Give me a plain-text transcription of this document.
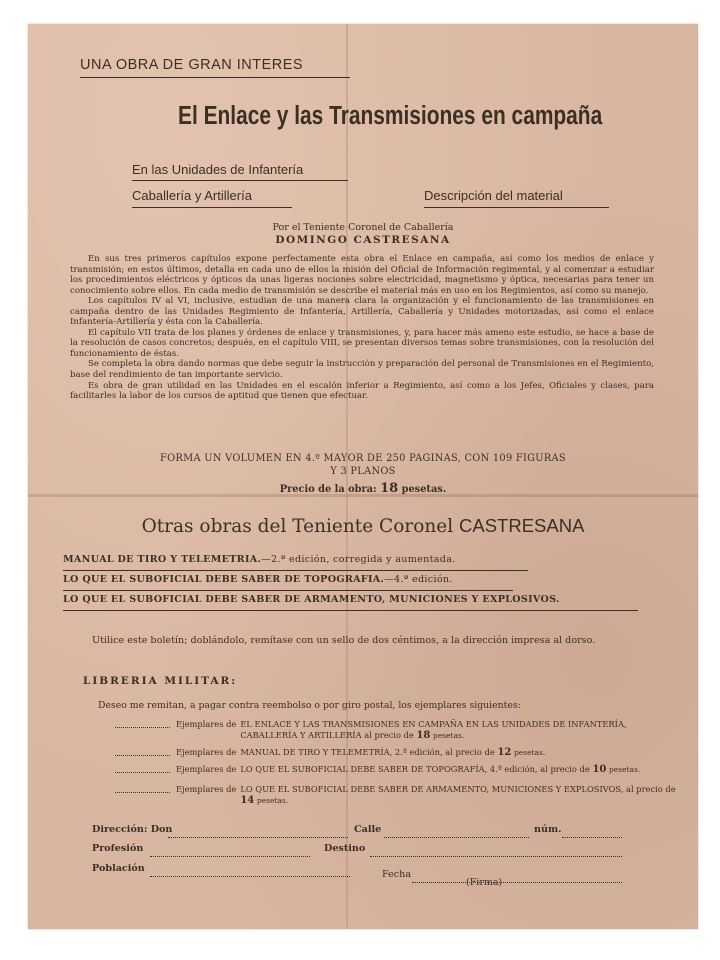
UNA OBRA DE GRAN INTERES
El Enlace y las Transmisiones en campaña
En las Unidades de Infantería
Caballería y Artillería	Descripción del material
Por el Teniente Coronel de Caballería
DOMINGO CASTRESANA

En sus tres primeros capítulos expone perfectamente esta obra el Enlace en campaña, así como los medios de enlace y transmisión; en estos últimos, detalla en cada uno de ellos la misión del Oficial de Información regimental, y al comenzar a estudiar los procedimientos eléctricos y ópticos da unas ligeras nociones sobre electricidad, magnetismo y óptica, necesarias para tener un conocimiento sobre ellos. En cada medio de transmisión se describe el material más en uso en los Regimientos, así como su manejo.

Los capítulos IV al VI, inclusive, estudian de una manera clara la organización y el funcionamiento de las transmisiones en campaña dentro de las Unidades Regimiento de Infantería, Artillería, Caballería y Unidades motorizadas, así como el enlace Infantería-Artillería y ésta con la Caballería.

El capítulo VII trata de los planes y órdenes de enlace y transmisiones, y, para hacer más ameno este estudio, se hace a base de la resolución de casos concretos; después, en el capítulo VIII, se presentan diversos temas sobre transmisiones, con la resolución del funcionamiento de éstas.

Se completa la obra dando normas que debe seguir la instrucción y preparación del personal de Transmisiones en el Regimiento, base del rendimiento de tan importante servicio.

Es obra de gran utilidad en las Unidades en el escalón inferior a Regimiento, así como a los Jefes, Oficiales y clases, para facilitarles la labor de los cursos de aptitud que tienen que efectuar.

FORMA UN VOLUMEN EN 4.º MAYOR DE 250 PAGINAS, CON 109 FIGURAS
Y 3 PLANOS
Precio de la obra: 18 pesetas.
Otras obras del Teniente Coronel CASTRESANA
MANUAL DE TIRO Y TELEMETRIA.—2.ª edición, corregida y aumentada.
LO QUE EL SUBOFICIAL DEBE SABER DE TOPOGRAFIA.—4.ª edición.
LO QUE EL SUBOFICIAL DEBE SABER DE ARMAMENTO, MUNICIONES Y EXPLOSIVOS.
Utilice este boletín; doblándolo, remítase con un sello de dos céntimos, a la dirección impresa al dorso.
LIBRERIA MILITAR:
Deseo me remitan, a pagar contra reembolso o por giro postal, los ejemplares siguientes:
Ejemplares de EL ENLACE Y LAS TRANSMISIONES EN CAMPAÑA EN LAS UNIDADES DE INFANTERÍA, CABALLERÍA Y ARTILLERÍA al precio de 18 pesetas.
Ejemplares de MANUAL DE TIRO Y TELEMETRÍA, 2.ª edición, al precio de 12 pesetas.
Ejemplares de LO QUE EL SUBOFICIAL DEBE SABER DE TOPOGRAFÍA, 4.ª edición, al precio de 10 pesetas.
Ejemplares de LO QUE EL SUBOFICIAL DEBE SABER DE ARMAMENTO, MUNICIONES Y EXPLOSIVOS, al precio de 14 pesetas.
Dirección: Don	Calle	núm.
Profesión	Destino
Población
Fecha
(Firma)
